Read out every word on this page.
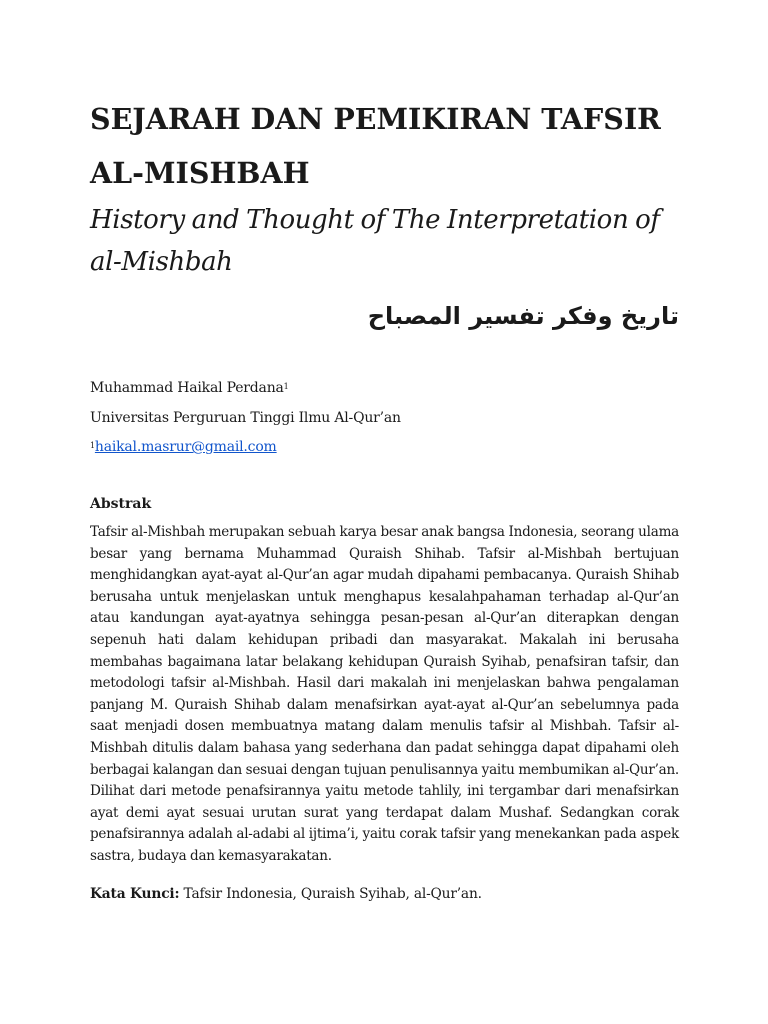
SEJARAH DAN PEMIKIRAN TAFSIR
AL-MISHBAH
History and Thought of The Interpretation of
al-Mishbah
تاريخ وفكر تفسير المصباح
Muhammad Haikal Perdana$^1$
Universitas Perguruan Tinggi Ilmu Al-Qur’an
$^1$haikal.masrur@gmail.com
Abstrak

Tafsir al-Mishbah merupakan sebuah karya besar anak bangsa Indonesia, seorang ulama besar yang bernama Muhammad Quraish Shihab. Tafsir al-Mishbah bertujuan menghidangkan ayat-ayat al-Qur’an agar mudah dipahami pembacanya. Quraish Shihab berusaha untuk menjelaskan untuk menghapus kesalahpahaman terhadap al-Qur’an atau kandungan ayat-ayatnya sehingga pesan-pesan al-Qur’an diterapkan dengan sepenuh hati dalam kehidupan pribadi dan masyarakat. Makalah ini berusaha membahas bagaimana latar belakang kehidupan Quraish Syihab, penafsiran tafsir, dan metodologi tafsir al-Mishbah. Hasil dari makalah ini menjelaskan bahwa pengalaman panjang M. Quraish Shihab dalam menafsirkan ayat-ayat al-Qur’an sebelumnya pada saat menjadi dosen membuatnya matang dalam menulis tafsir al Mishbah. Tafsir al-Mishbah ditulis dalam bahasa yang sederhana dan padat sehingga dapat dipahami oleh berbagai kalangan dan sesuai dengan tujuan penulisannya yaitu membumikan al-Qur’an. Dilihat dari metode penafsirannya yaitu metode tahlily, ini tergambar dari menafsirkan ayat demi ayat sesuai urutan surat yang terdapat dalam Mushaf. Sedangkan corak penafsirannya adalah al-adabi al ijtima’i, yaitu corak tafsir yang menekankan pada aspek sastra, budaya dan kemasyarakatan.

Kata Kunci: Tafsir Indonesia, Quraish Syihab, al-Qur’an.
